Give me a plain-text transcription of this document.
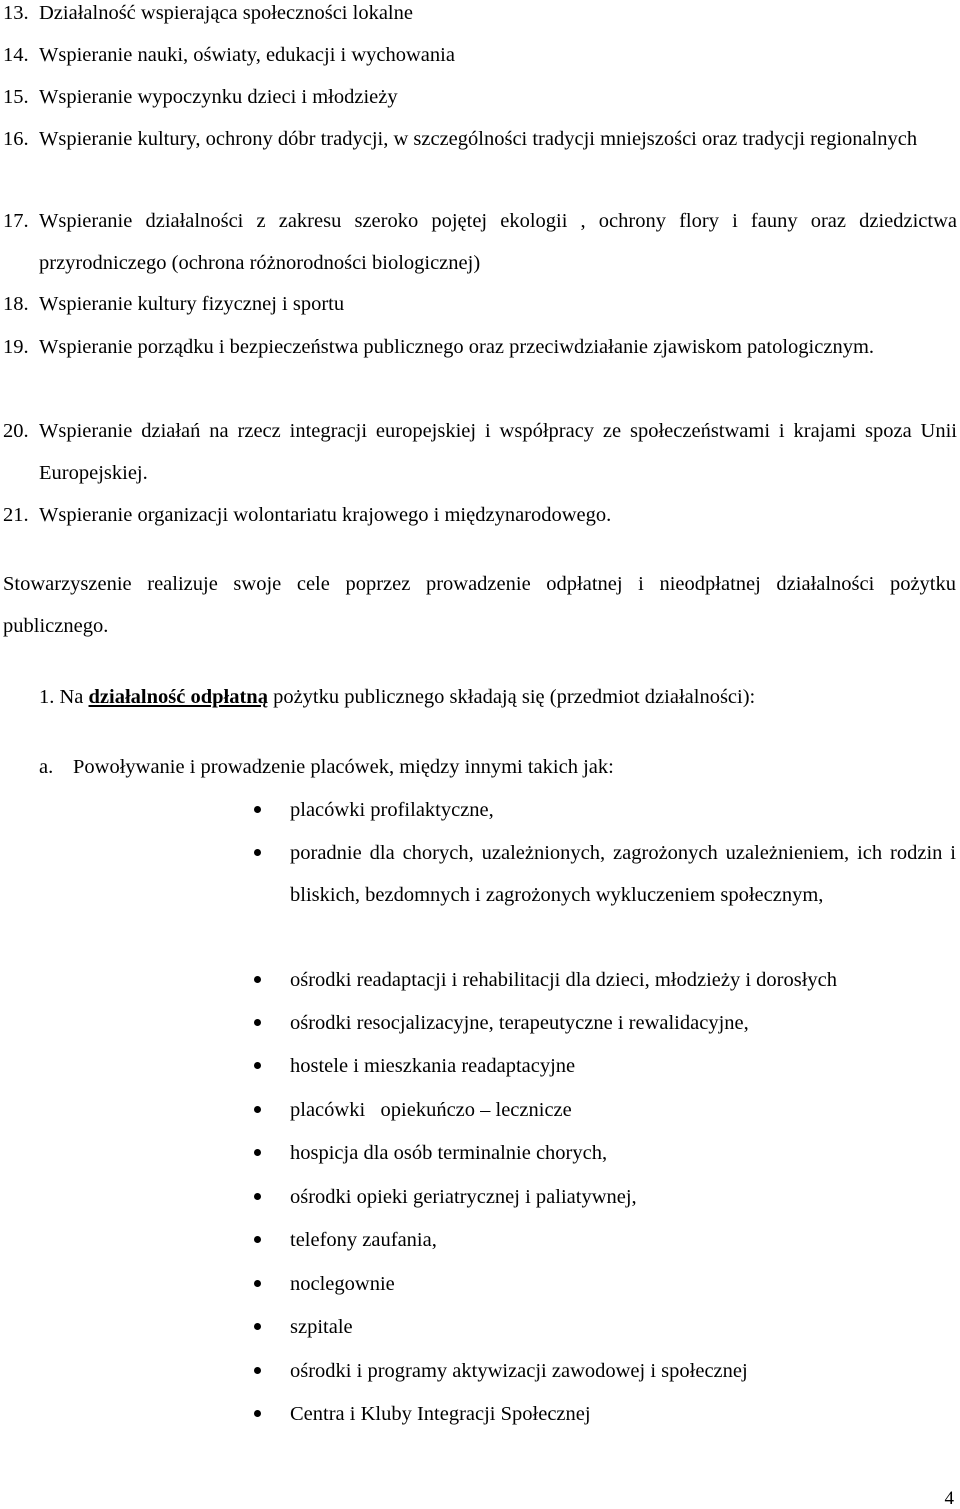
13. Działalność wspierająca społeczności lokalne
14. Wspieranie nauki, oświaty, edukacji i wychowania
15. Wspieranie wypoczynku dzieci i młodzieży
16. Wspieranie kultury, ochrony dóbr tradycji, w szczególności tradycji mniejszości oraz tradycji regionalnych
17. Wspieranie działalności z zakresu szeroko pojętej ekologii , ochrony flory i fauny oraz dziedzictwa przyrodniczego (ochrona różnorodności biologicznej)
18. Wspieranie kultury fizycznej i sportu
19. Wspieranie porządku i bezpieczeństwa publicznego oraz przeciwdziałanie zjawiskom patologicznym.
20. Wspieranie działań na rzecz integracji europejskiej i współpracy ze społeczeństwami i krajami spoza Unii Europejskiej.
21. Wspieranie organizacji wolontariatu krajowego i międzynarodowego.
Stowarzyszenie realizuje swoje cele poprzez prowadzenie odpłatnej i nieodpłatnej działalności pożytku publicznego.
1. Na działalność odpłatną pożytku publicznego składają się (przedmiot działalności):
a. Powoływanie i prowadzenie placówek, między innymi takich jak:
placówki profilaktyczne,
poradnie dla chorych, uzależnionych, zagrożonych uzależnieniem, ich rodzin i bliskich, bezdomnych i zagrożonych wykluczeniem społecznym,
ośrodki readaptacji i rehabilitacji dla dzieci, młodzieży i dorosłych
ośrodki resocjalizacyjne, terapeutyczne i rewalidacyjne,
hostele i mieszkania readaptacyjne
placówki   opiekuńczo – lecznicze
hospicja dla osób terminalnie chorych,
ośrodki opieki geriatrycznej i paliatywnej,
telefony zaufania,
noclegownie
szpitale
ośrodki i programy aktywizacji zawodowej i społecznej
Centra i Kluby Integracji Społecznej
4
